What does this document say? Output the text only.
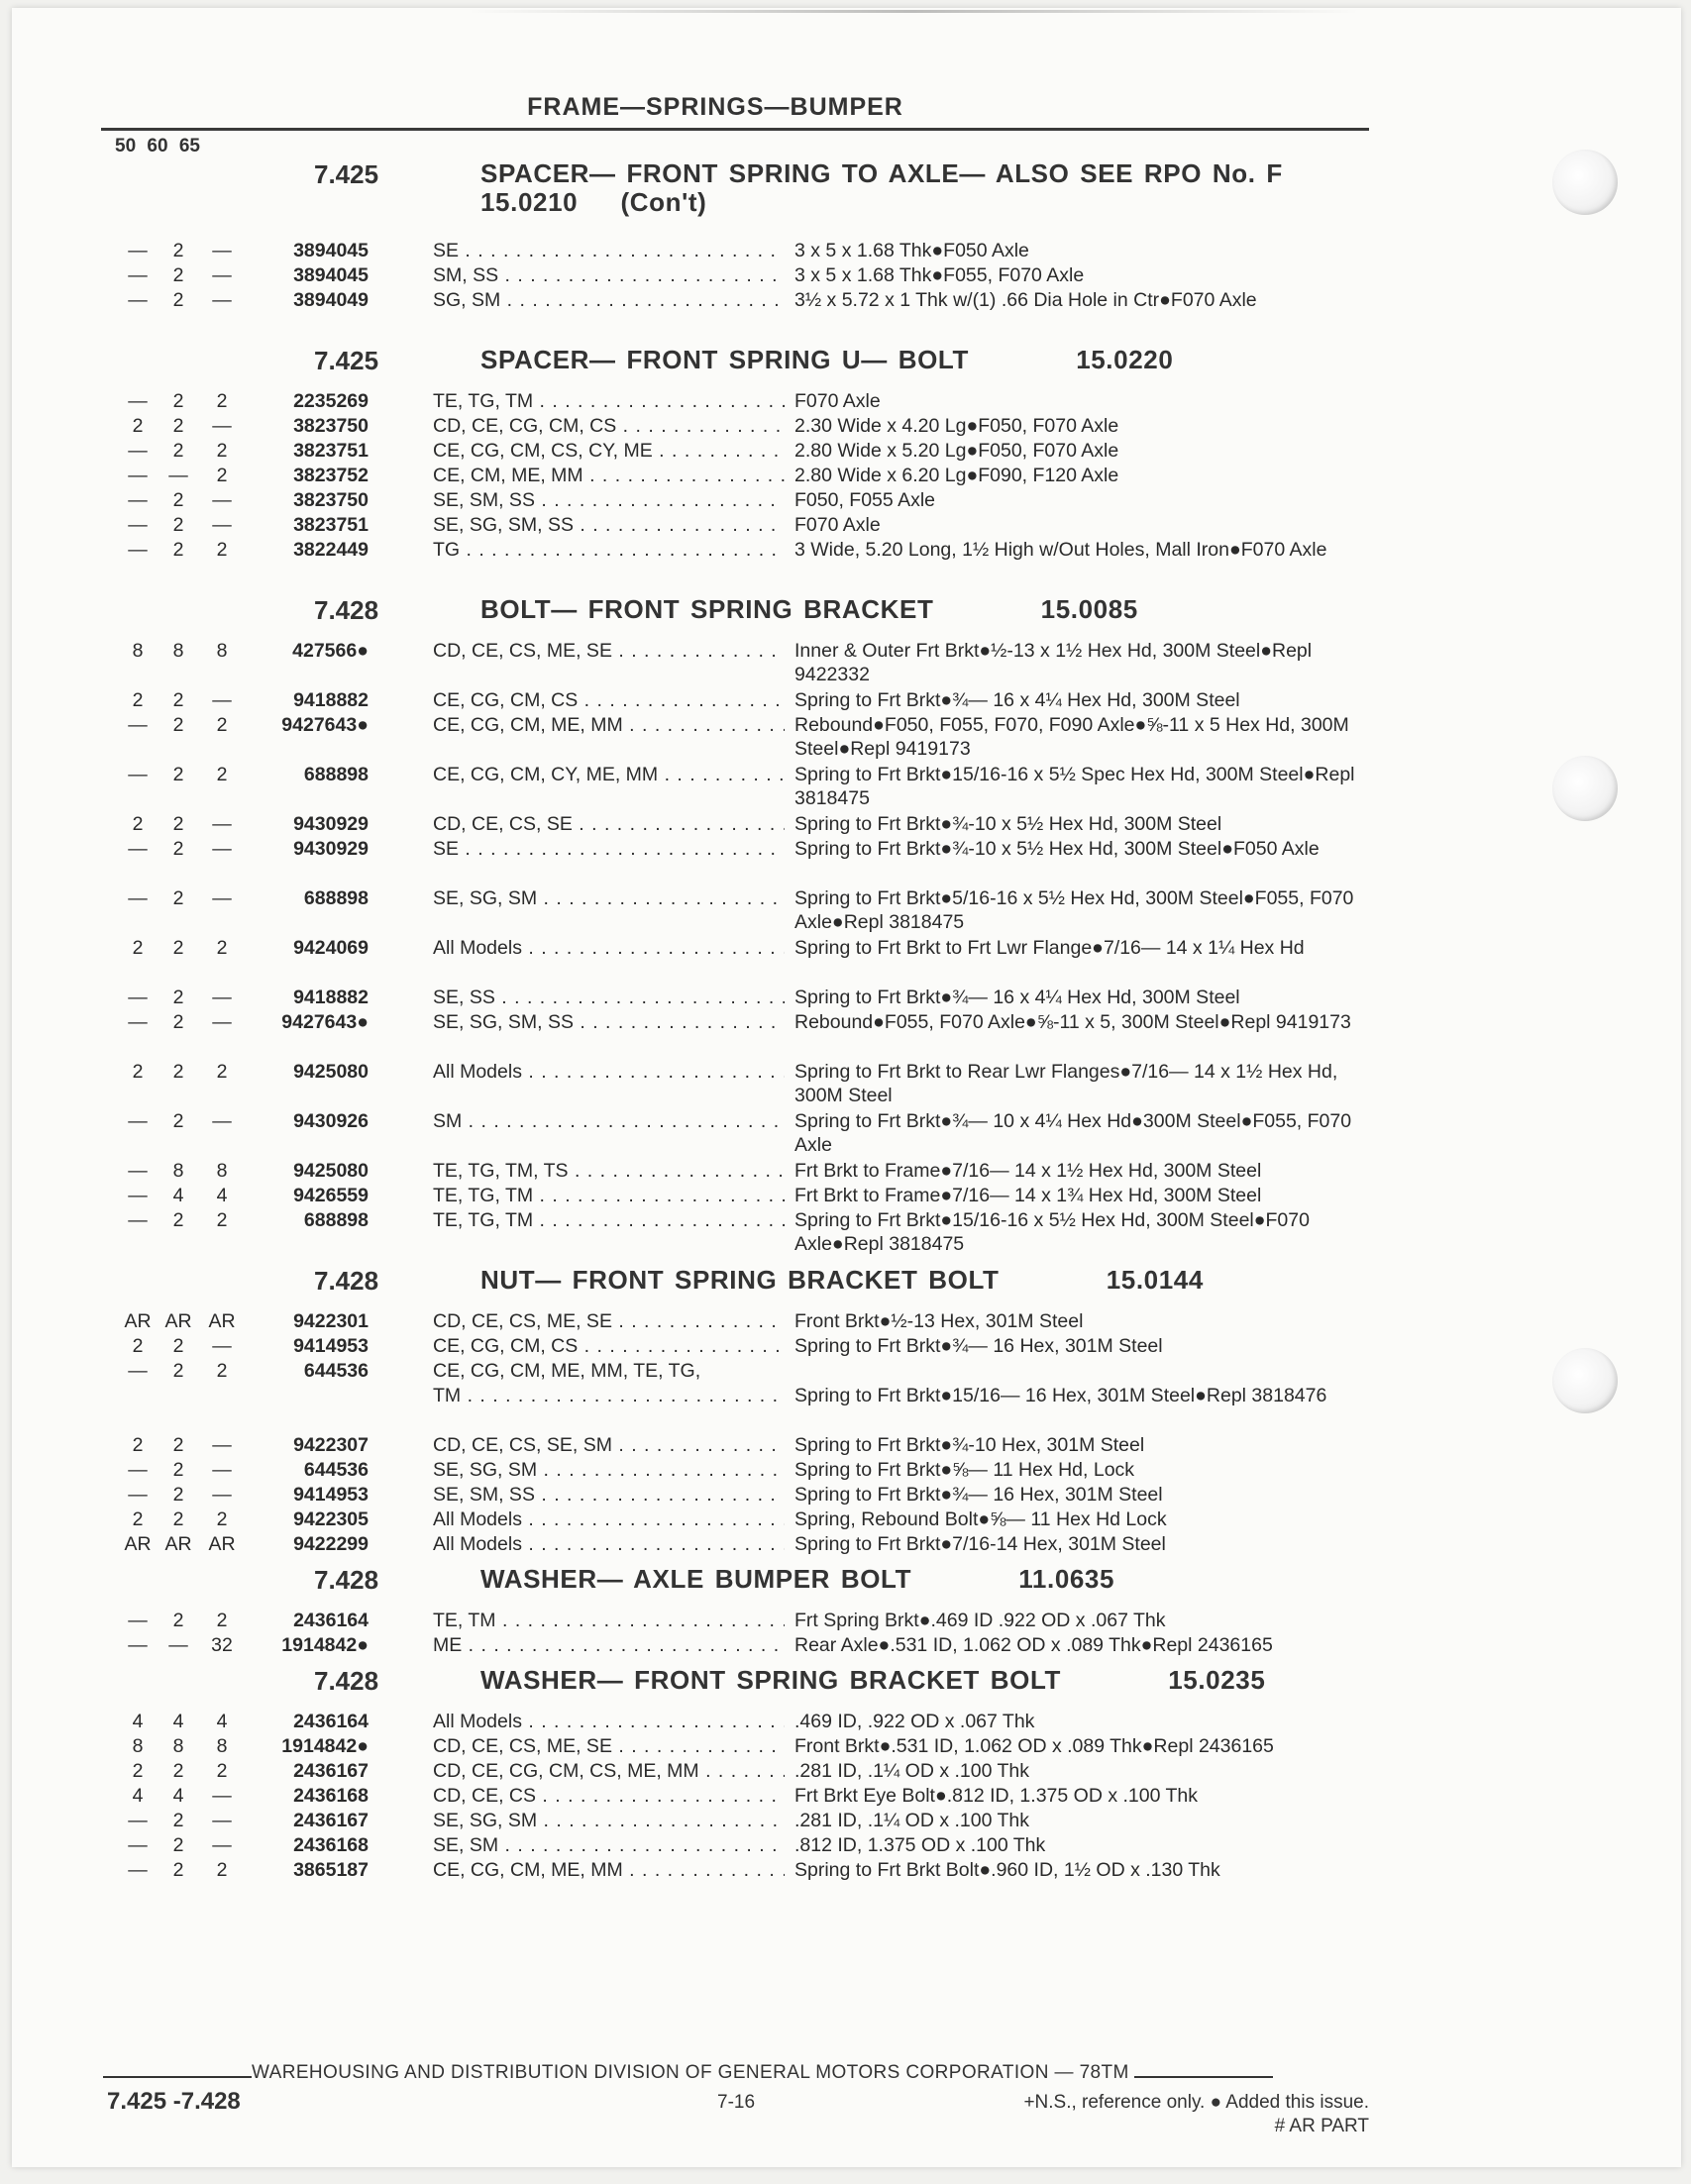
FRAME—SPRINGS—BUMPER
50 60 65
7.425	SPACER— FRONT SPRING TO AXLE— ALSO SEE RPO No. F      15.0210    (Con't)
—	2	—	3894045	SE . . .	3 x 5 x 1.68 Thk●F050 Axle
—	2	—	3894045	SM, SS . . .	3 x 5 x 1.68 Thk●F055, F070 Axle
—	2	—	3894049	SG, SM . . .	3½ x 5.72 x 1 Thk w/(1) .66 Dia Hole in Ctr●F070 Axle
7.425	SPACER— FRONT SPRING U— BOLT          15.0220
—	2	2	2235269	TE, TG, TM . . .	F070 Axle
2	2	—	3823750	CD, CE, CG, CM, CS . . .	2.30 Wide x 4.20 Lg●F050, F070 Axle
—	2	2	3823751	CE, CG, CM, CS, CY, ME . . .	2.80 Wide x 5.20 Lg●F050, F070 Axle
— —	2	3823752	CE, CM, ME, MM . . .	2.80 Wide x 6.20 Lg●F090, F120 Axle
—	2	—	3823750	SE, SM, SS . . .	F050, F055 Axle
—	2	—	3823751	SE, SG, SM, SS . . .	F070 Axle
—	2	2	3822449	TG . . .	3 Wide, 5.20 Long, 1½ High w/Out Holes, Mall Iron●F070 Axle
7.428	BOLT— FRONT SPRING BRACKET          15.0085
8	8	8	427566●	CD, CE, CS, ME, SE . . .	Inner & Outer Frt Brkt●½-13 x 1½ Hex Hd, 300M Steel●Repl 9422332
2	2	—	9418882	CE, CG, CM, CS . . .	Spring to Frt Brkt●¾— 16 x 4¼ Hex Hd, 300M Steel
—	2	2	9427643●	CE, CG, CM, ME, MM . . .	Rebound●F050, F055, F070, F090 Axle●⅝-11 x 5 Hex Hd, 300M Steel●Repl 9419173
—	2	2	688898	CE, CG, CM, CY, ME, MM . . .	Spring to Frt Brkt●15/16-16 x 5½ Spec Hex Hd, 300M Steel●Repl 3818475
2	2	—	9430929	CD, CE, CS, SE . . .	Spring to Frt Brkt●¾-10 x 5½ Hex Hd, 300M Steel
—	2	—	9430929	SE . . .	Spring to Frt Brkt●¾-10 x 5½ Hex Hd, 300M Steel●F050 Axle
—	2	—	688898	SE, SG, SM . . .	Spring to Frt Brkt●5/16-16 x 5½ Hex Hd, 300M Steel●F055, F070 Axle●Repl 3818475
2	2	2	9424069	All Models . . .	Spring to Frt Brkt to Frt Lwr Flange●7/16— 14 x 1¼ Hex Hd
—	2	—	9418882	SE, SS . . .	Spring to Frt Brkt●¾— 16 x 4¼ Hex Hd, 300M Steel
—	2	—	9427643●	SE, SG, SM, SS . . .	Rebound●F055, F070 Axle●⅝-11 x 5, 300M Steel●Repl 9419173
2	2	2	9425080	All Models . . .	Spring to Frt Brkt to Rear Lwr Flanges●7/16— 14 x 1½ Hex Hd, 300M Steel
—	2	—	9430926	SM . . .	Spring to Frt Brkt●¾— 10 x 4¼ Hex Hd●300M Steel●F055, F070 Axle
—	8	8	9425080	TE, TG, TM, TS . . .	Frt Brkt to Frame●7/16— 14 x 1½ Hex Hd, 300M Steel
—	4	4	9426559	TE, TG, TM . . .	Frt Brkt to Frame●7/16— 14 x 1¾ Hex Hd, 300M Steel
—	2	2	688898	TE, TG, TM . . .	Spring to Frt Brkt●15/16-16 x 5½ Hex Hd, 300M Steel●F070 Axle●Repl 3818475
7.428	NUT— FRONT SPRING BRACKET BOLT          15.0144
AR AR AR	9422301	CD, CE, CS, ME, SE . . .	Front Brkt●½-13 Hex, 301M Steel
2	2	—	9414953	CE, CG, CM, CS . . .	Spring to Frt Brkt●¾— 16 Hex, 301M Steel
—	2	2	644536	CE, CG, CM, ME, MM, TE, TG,
TM . . .	Spring to Frt Brkt●15/16— 16 Hex, 301M Steel●Repl 3818476
2	2	—	9422307	CD, CE, CS, SE, SM . . .	Spring to Frt Brkt●¾-10 Hex, 301M Steel
—	2	—	644536	SE, SG, SM . . .	Spring to Frt Brkt●⅝— 11 Hex Hd, Lock
—	2	—	9414953	SE, SM, SS . . .	Spring to Frt Brkt●¾— 16 Hex, 301M Steel
2	2	2	9422305	All Models . . .	Spring, Rebound Bolt●⅝— 11 Hex Hd Lock
AR AR AR	9422299	All Models . . .	Spring to Frt Brkt●7/16-14 Hex, 301M Steel
7.428	WASHER— AXLE BUMPER BOLT          11.0635
—	2	2	2436164	TE, TM . . .	Frt Spring Brkt●.469 ID .922 OD x .067 Thk
— — 32	1914842●	ME . . .	Rear Axle●.531 ID, 1.062 OD x .089 Thk●Repl 2436165
7.428	WASHER— FRONT SPRING BRACKET BOLT          15.0235
4	4	4	2436164	All Models . . .	.469 ID, .922 OD x .067 Thk
8	8	8	1914842●	CD, CE, CS, ME, SE . . .	Front Brkt●.531 ID, 1.062 OD x .089 Thk●Repl 2436165
2	2	2	2436167	CD, CE, CG, CM, CS, ME, MM . . .	.281 ID, .1¼ OD x .100 Thk
4	4	—	2436168	CD, CE, CS . . .	Frt Brkt Eye Bolt●.812 ID, 1.375 OD x .100 Thk
—	2	—	2436167	SE, SG, SM . . .	.281 ID, .1¼ OD x .100 Thk
—	2	—	2436168	SE, SM . . .	.812 ID, 1.375 OD x .100 Thk
—	2	2	3865187	CE, CG, CM, ME, MM . . .	Spring to Frt Brkt Bolt●.960 ID, 1½ OD x .130 Thk
WAREHOUSING AND DISTRIBUTION DIVISION OF GENERAL MOTORS CORPORATION — 78TM
7.425 -7.428	7-16	+N.S., reference only. ● Added this issue.
# AR PART
